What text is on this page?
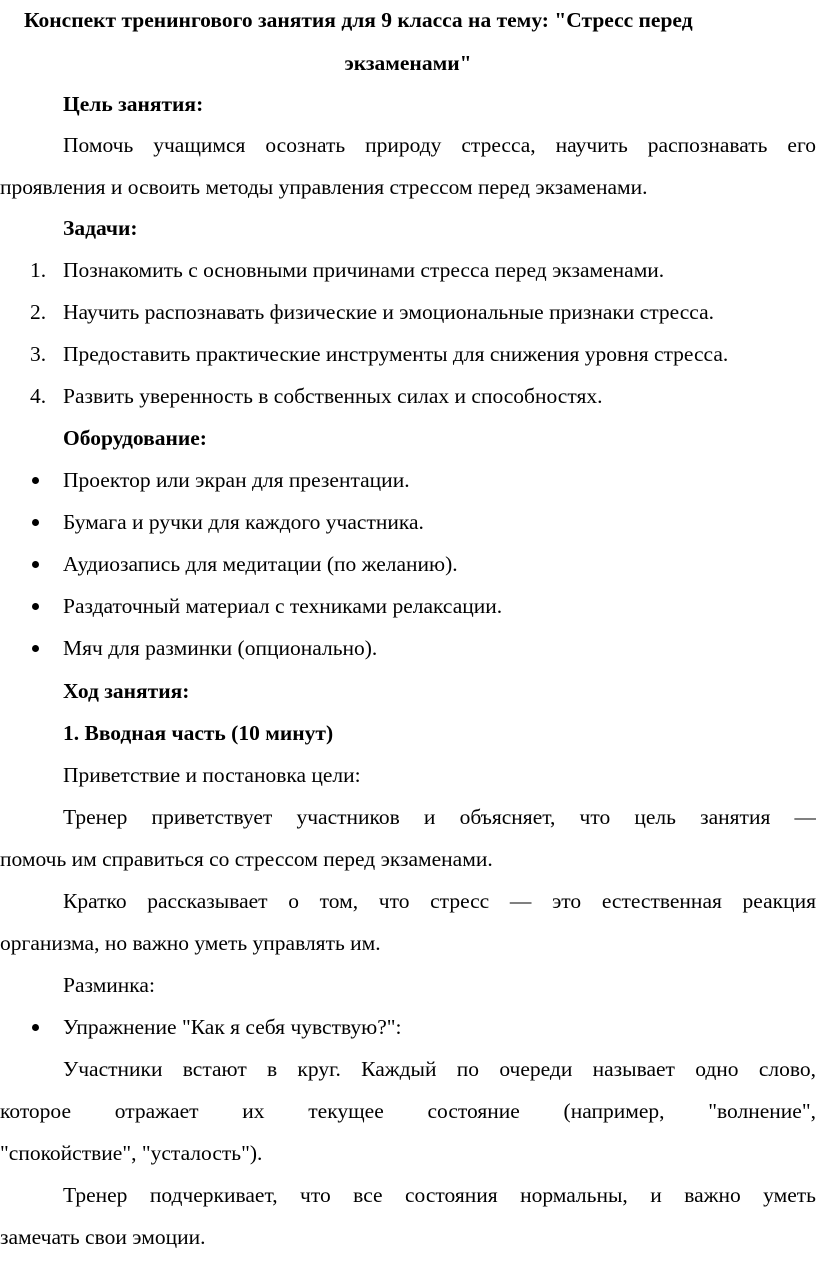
Конспект тренингового занятия для 9 класса на тему: "Стресс перед
экзаменами"
Цель занятия:
Помочь учащимся осознать природу стресса, научить распознавать его
проявления и освоить методы управления стрессом перед экзаменами.
Задачи:
1. Познакомить с основными причинами стресса перед экзаменами.
2. Научить распознавать физические и эмоциональные признаки стресса.
3. Предоставить практические инструменты для снижения уровня стресса.
4. Развить уверенность в собственных силах и способностях.
Оборудование:
Проектор или экран для презентации.
Бумага и ручки для каждого участника.
Аудиозапись для медитации (по желанию).
Раздаточный материал с техниками релаксации.
Мяч для разминки (опционально).
Ход занятия:
1. Вводная часть (10 минут)
Приветствие и постановка цели:
Тренер приветствует участников и объясняет, что цель занятия —
помочь им справиться со стрессом перед экзаменами.
Кратко рассказывает о том, что стресс — это естественная реакция
организма, но важно уметь управлять им.
Разминка:
Упражнение "Как я себя чувствую?":
Участники встают в круг. Каждый по очереди называет одно слово,
которое отражает их текущее состояние (например, "волнение",
"спокойствие", "усталость").
Тренер подчеркивает, что все состояния нормальны, и важно уметь
замечать свои эмоции.
